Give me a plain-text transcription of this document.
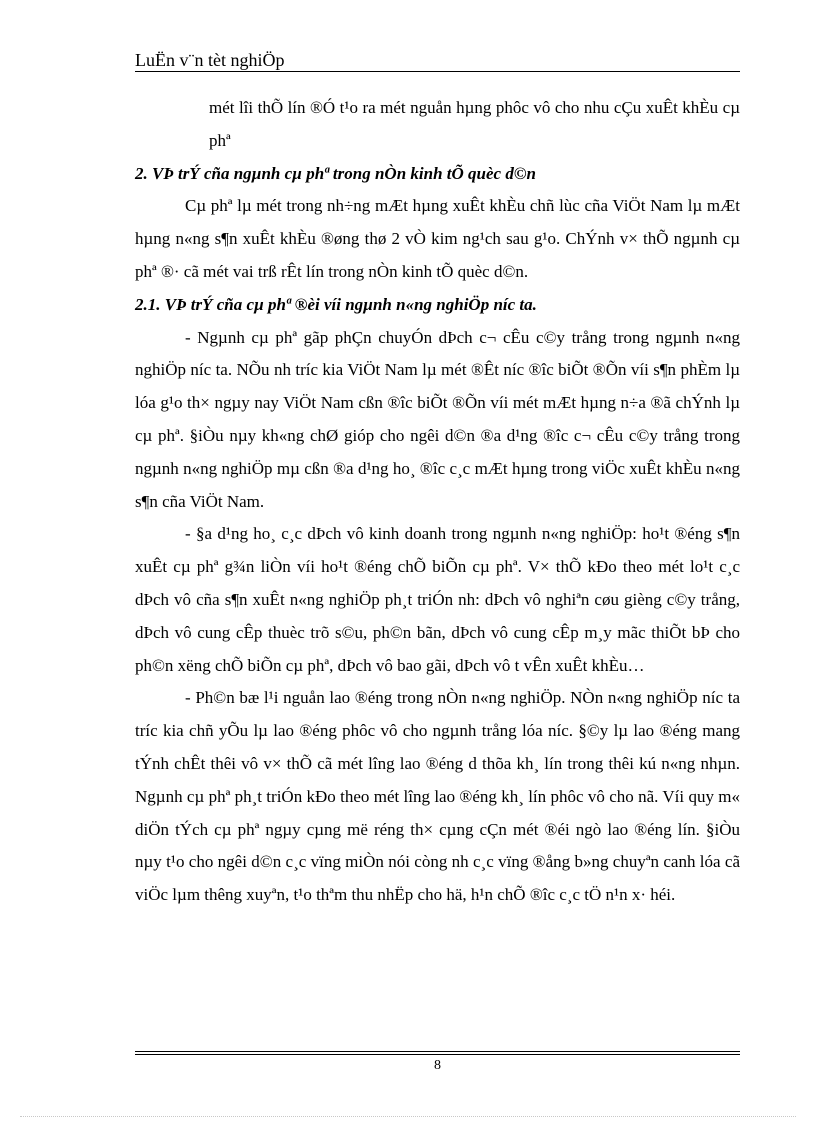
LuËn v¨n tèt nghiÖp

mét lîi thÕ lín ®Ó t¹o ra mét nguån hµng phôc vô cho nhu cÇu xuÊt khÈu cµ phª

2. VÞ trÝ cña ngµnh cµ phª trong nÒn kinh tÕ quèc d©n

Cµ phª lµ mét trong nh÷ng mÆt hµng xuÊt khÈu chñ lùc cña ViÖt Nam lµ mÆt hµng n«ng s¶n xuÊt khÈu ®øng thø 2 vÒ kim ng¹ch sau g¹o. ChÝnh v× thÕ ngµnh cµ phª ®· cã mét vai trß rÊt lín trong nÒn kinh tÕ quèc d©n.

2.1. VÞ trÝ cña cµ phª ®èi víi ngµnh n«ng nghiÖp níc ta.

- Ngµnh cµ phª gãp phÇn chuyÓn dÞch c¬ cÊu c©y trång trong ngµnh n«ng nghiÖp níc ta. NÕu nh tríc kia ViÖt Nam lµ mét ®Êt níc ®îc biÕt ®Õn víi s¶n phÈm lµ lóa g¹o th× ngµy nay ViÖt Nam cßn ®îc biÕt ®Õn víi mét mÆt hµng n÷a ®ã chÝnh lµ cµ phª. §iÒu nµy kh«ng chØ gióp cho ngêi d©n ®a d¹ng ®îc c¬ cÊu c©y trång trong ngµnh n«ng nghiÖp mµ cßn ®a d¹ng ho¸ ®îc c¸c mÆt hµng trong viÖc xuÊt khÈu n«ng s¶n cña ViÖt Nam.

- §a d¹ng ho¸ c¸c dÞch vô kinh doanh trong ngµnh n«ng nghiÖp: ho¹t ®éng s¶n xuÊt cµ phª g¾n liÒn víi ho¹t ®éng chÕ biÕn cµ phª. V× thÕ kÐo theo mét lo¹t c¸c dÞch vô cña s¶n xuÊt n«ng nghiÖp ph¸t triÓn nh: dÞch vô nghiªn cøu gièng c©y trång, dÞch vô cung cÊp thuèc trõ s©u, ph©n bãn, dÞch vô cung cÊp m¸y mãc thiÕt bÞ cho ph©n xëng chÕ biÕn cµ phª, dÞch vô bao gãi, dÞch vô t vÊn xuÊt khÈu…

- Ph©n bæ l¹i nguån lao ®éng trong nÒn n«ng nghiÖp. NÒn n«ng nghiÖp níc ta tríc kia chñ yÕu lµ lao ®éng phôc vô cho ngµnh trång lóa níc. §©y lµ lao ®éng mang tÝnh chÊt thêi vô v× thÕ cã mét lîng lao ®éng d thõa kh¸ lín trong thêi kú n«ng nhµn. Ngµnh cµ phª ph¸t triÓn kÐo theo mét lîng lao ®éng kh¸ lín phôc vô cho nã. Víi quy m« diÖn tÝch cµ phª ngµy cµng më réng th× cµng cÇn mét ®éi ngò lao ®éng lín. §iÒu nµy t¹o cho ngêi d©n c¸c vïng miÒn nói còng nh c¸c vïng ®ång b»ng chuyªn canh lóa cã viÖc lµm thêng xuyªn, t¹o thªm thu nhËp cho hä, h¹n chÕ ®îc c¸c tÖ n¹n x· héi.

8
